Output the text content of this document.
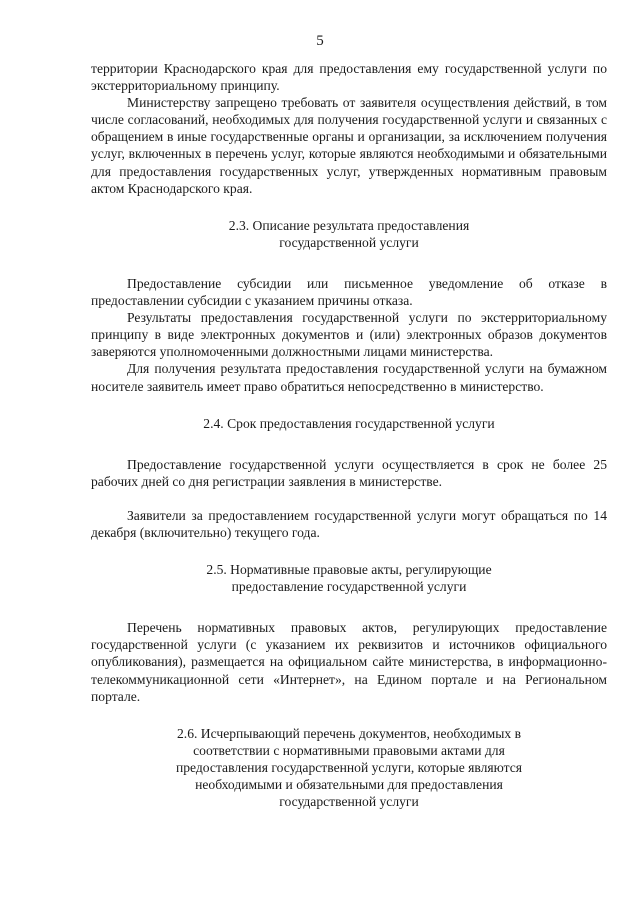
5

территории Краснодарского края для предоставления ему государственной услуги по экстерриториальному принципу.

Министерству запрещено требовать от заявителя осуществления действий, в том числе согласований, необходимых для получения государственной услуги и связанных с обращением в иные государственные органы и организации, за исключением получения услуг, включенных в перечень услуг, которые являются необходимыми и обязательными для предоставления государственных услуг, утвержденных нормативным правовым актом Краснодарского края.

2.3. Описание результата предоставления
государственной услуги

Предоставление субсидии или письменное уведомление об отказе в предоставлении субсидии с указанием причины отказа.

Результаты предоставления государственной услуги по экстерриториальному принципу в виде электронных документов и (или) электронных образов документов заверяются уполномоченными должностными лицами министерства.

Для получения результата предоставления государственной услуги на бумажном носителе заявитель имеет право обратиться непосредственно в министерство.

2.4. Срок предоставления государственной услуги

Предоставление государственной услуги осуществляется в срок не более 25 рабочих дней со дня регистрации заявления в министерстве.

Заявители за предоставлением государственной услуги могут обращаться по 14 декабря (включительно) текущего года.

2.5. Нормативные правовые акты, регулирующие
предоставление государственной услуги

Перечень нормативных правовых актов, регулирующих предоставление государственной услуги (с указанием их реквизитов и источников официального опубликования), размещается на официальном сайте министерства, в информационно-телекоммуникационной сети «Интернет», на Едином портале и на Региональном портале.

2.6. Исчерпывающий перечень документов, необходимых в
соответствии с нормативными правовыми актами для
предоставления государственной услуги, которые являются
необходимыми и обязательными для предоставления
государственной услуги
